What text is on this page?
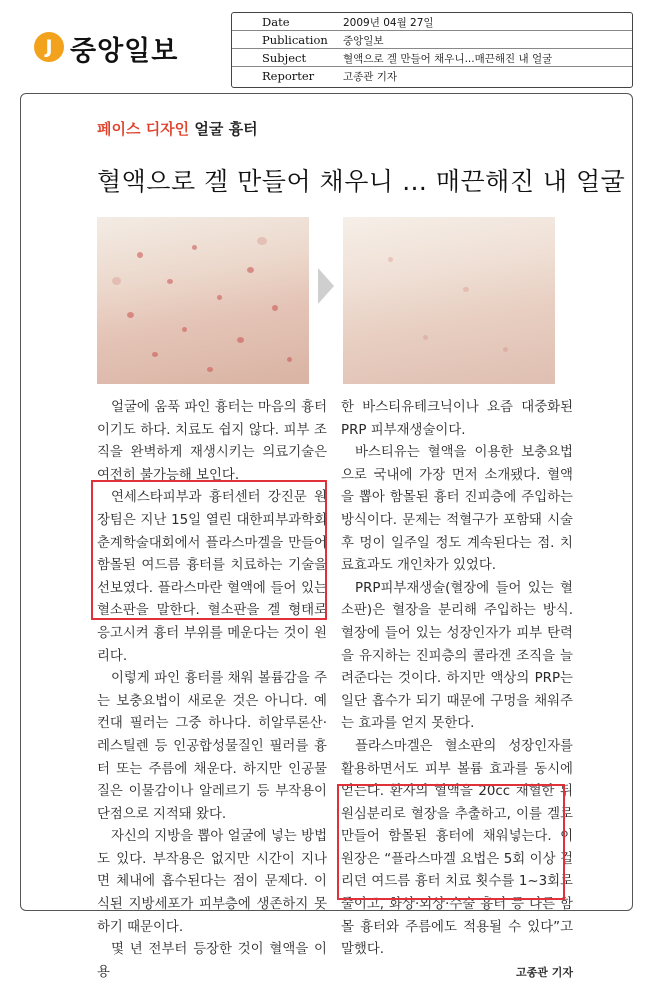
J 중앙일보
Date	2009년 04월 27일
Publication 중앙일보
Subject	혈액으로 겔 만들어 채우니...매끈해진 내 얼굴
Reporter	고종관 기자
페이스 디자인 얼굴 흉터
혈액으로 겔 만들어 채우니 … 매끈해진 내 얼굴

얼굴에 움푹 파인 흉터는 마음의 흉터이기도 하다. 치료도 쉽지 않다. 피부 조직을 완벽하게 재생시키는 의료기술은 여전히 불가능해 보인다.

연세스타피부과 흉터센터 강진문 원장팀은 지난 15일 열린 대한피부과학회 춘계학술대회에서 플라스마겔을 만들어 함몰된 여드름 흉터를 치료하는 기술을 선보였다. 플라스마란 혈액에 들어 있는 혈소판을 말한다. 혈소판을 겔 형태로 응고시켜 흉터 부위를 메운다는 것이 원리다.

이렇게 파인 흉터를 채워 볼륨감을 주는 보충요법이 새로운 것은 아니다. 예컨대 필러는 그중 하나다. 히알루론산·레스틸렌 등 인공합성물질인 필러를 흉터 또는 주름에 채운다. 하지만 인공물질은 이물감이나 알레르기 등 부작용이 단점으로 지적돼 왔다.

자신의 지방을 뽑아 얼굴에 넣는 방법도 있다. 부작용은 없지만 시간이 지나면 체내에 흡수된다는 점이 문제다. 이식된 지방세포가 피부층에 생존하지 못하기 때문이다.

몇 년 전부터 등장한 것이 혈액을 이용

한 바스티유테크닉이나 요즘 대중화된 PRP 피부재생술이다.

바스티유는 혈액을 이용한 보충요법으로 국내에 가장 먼저 소개됐다. 혈액을 뽑아 함몰된 흉터 진피층에 주입하는 방식이다. 문제는 적혈구가 포함돼 시술 후 멍이 일주일 정도 계속된다는 점. 치료효과도 개인차가 있었다.

PRP피부재생술(혈장에 들어 있는 혈소판)은 혈장을 분리해 주입하는 방식. 혈장에 들어 있는 성장인자가 피부 탄력을 유지하는 진피층의 콜라겐 조직을 늘려준다는 것이다. 하지만 액상의 PRP는 일단 흡수가 되기 때문에 구멍을 채워주는 효과를 얻지 못한다.

플라스마겔은 혈소판의 성장인자를 활용하면서도 피부 볼륨 효과를 동시에 얻는다. 환자의 혈액을 20cc 채혈한 뒤 원심분리로 혈장을 추출하고, 이를 겔로 만들어 함몰된 흉터에 채워넣는다. 이 원장은 “플라스마겔 요법은 5회 이상 걸리던 여드름 흉터 치료 횟수를 1~3회로 줄이고, 화상·외상·수술 흉터 등 다른 함몰 흉터와 주름에도 적용될 수 있다”고 말했다.

고종관 기자
